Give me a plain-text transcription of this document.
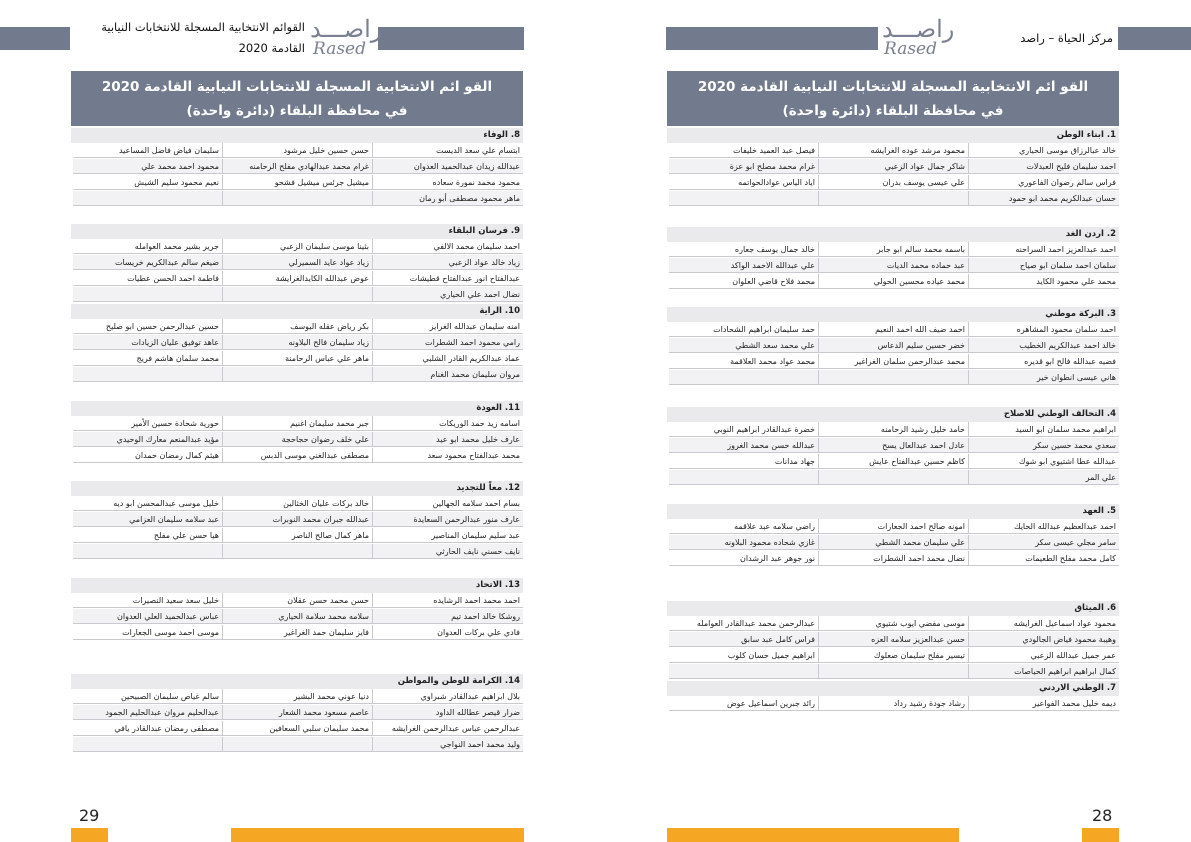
راصـــد
Rased
القوائم الانتخابية المسجلة للانتخابات النيابية
القادمة 2020
راصـــد
Rased
مركز الحياة – راصد
القو ائم الانتخابية المسجلة للانتخابات النيابية القادمة 2020
في محافظة البلقاء (دائرة واحدة)
8. الوفاء
ابتسام علي سعد الديست
حسن حسين خليل مرشود
سليمان فياض فاضل المساعيد
عبدالله زيدان عبدالحميد العدوان
غرام محمد عبدالهادي مفلح الرحامنه
محمود احمد محمد علي
محمود محمد نمورة سعاده
ميشيل جرئس ميشيل فشحو
نعيم محمود سليم الشيش
ماهر محمود مصطفى أبو رمان
9. فرسان البلقاء
احمد سليمان محمد الالفي
بثينا موسى سليمان الزعبي
جرير بشير محمد العوامله
زياد خالد عواد الزعبي
زياد عواد عايد السميرلي
ضيغم سالم عبدالكريم خريسات
عبدالفتاح انور عبدالفتاح قطيشات
عوض عبدالله الكايدالغرايشة
فاطمة احمد الحسن عطيات
نضال احمد علي الحياري
10. الراية
امنه سليمان عبدالله الغرايز
بكر رياض عقله اليوسف
حسين عبدالرحمن حسين ابو صليح
رامي محمود احمد الشطرات
زياد سليمان فالح البلاونه
عاهد توفيق عليان الزيادات
عماد عبدالكريم القادر الشلبي
ماهر علي عباس الرحامنة
محمد سلمان هاشم فريج
مروان سليمان محمد الغنام
11. العودة
اسامه زيد حمد الوريكات
جبر محمد سليمان اغنيم
حورية شحادة حسين الأمير
عارف خليل محمد ابو عيد
علي خلف رضوان حجاحجة
مؤيد عبدالمنعم معارك الوحيدي
محمد عبدالفتاح محمود سعد
مصطفى عبدالغني موسى الدبس
هيثم كمال رمضان حمدان
12. معاً للتجديد
بسام احمد سلامه الجهالين
خالد بركات عليان الخثالين
خليل موسى عبدالمحسن ابو ديه
عارف منور عبدالرحمن السعايدة
عبدالله جبران محمد النوبرات
عبد سلامه سليمان العزامي
عبد سليم سليمان المناصير
ماهر كمال صالح الناصر
هيا حسن علي مفلح
نايف حسني نايف الحارثي
13. الاتحاد
احمد محمد احمد الرشايده
حسن محمد حسن عقلان
خليل سعد سعيد النصيرات
روشكا خالد احمد تيم
سلامه محمد سلامة الحياري
عباس عبدالحميد العلي العدوان
فادي علي بركات العدوان
فايز سليمان حمد الغراغير
موسى احمد موسى الجعارات
14. الكرامة للوطن والمواطن
بلال ابراهيم عبدالقادر شبراوي
دنيا عوني محمد البشير
سالم غياص سليمان الصبيحين
ضرار قيصر عطالله الداود
عاصم مسعود محمد الشعار
عبدالحليم مروان عبدالحليم الجمود
عبدالرحمن عباس عبدالرحمن الغرايشه
محمد سليمان سلبي السعافين
مصطفى رمضان عبدالقادر يافي
وليد محمد احمد النواجي
القو ائم الانتخابية المسجلة للانتخابات النيابية القادمة 2020
في محافظة البلقاء (دائرة واحدة)
1. ابناء الوطن
خالد عبالرزاق موسى الحياري
محمود مرشد عوده الغرايشه
فيصل عبد العميد خليفات
احمد سليمان فليح العبدلات
شاكر جمال عواد الزعبي
غرام محمد مصلح ابو عزة
فراس سالم رضوان الفاعوري
علي عيسى يوسف بدران
اياد الياس عوادالحواتمه
حسان عبدالكريم محمد ابو حمود
2. اردن الغد
احمد عبدالعزيز احمد السراحنه
باسمه محمد سالم ابو جابر
خالد جمال يوسف جعاره
سلمان احمد سلمان ابو صياح
عبد حماده محمد الديات
علي عبدالله الاحمد الواكد
محمد علي محمود الكايد
محمد عياده محسين الحولي
محمد فلاح قاضي العلوان
3. البركة موطني
احمد سلمان محمود المشاهره
احمد ضيف الله احمد النعيم
حمد سليمان ابراهيم الشحادات
خالد احمد عبدالكريم الخطيب
خضر حسين سليم الدعاس
علي محمد سعد الشطي
فضيه عبدالله فالح ابو قديره
محمد عبدالرحمن سلمان الغراغير
محمد عواد محمد العلاقمة
هاني عيسى انطوان خير
4. التحالف الوطني للاصلاح
ابراهيم محمد سلمان ابو السيد
حامد خليل رشيد الرحامنه
خضرة عبدالقادر ابراهيم النوبي
سعدي محمد حسين سكر
عادل احمد عبدالعال يسح
عبدالله حسن محمد الغروز
عبدالله عطا اشتيوي ابو شوك
كاظم حسين عبدالفتاح عايش
جهاد مدانات
علي المر
5. العهد
احمد عبدالعظيم عبدالله الحايك
امونه صالح احمد الجعارات
راضي سلامه عبد علاقمه
سامر مجلي عيسى سكر
علي سليمان محمد الشطي
غازي شحاده محمود البلاونه
كامل محمد مفلح الطعيمات
نضال محمد احمد الشطرات
نور جوهر عبد الرشدان
6. الميثاق
محمود عواد اسماعيل الغرايشه
موسى مفضي ايوب شتيوي
عبدالرحمن محمد عبدالقادر العوامله
وهيبة محمود فياض الجالودي
حسن عبدالعزيز سلامه العزه
فراس كامل عبد سابق
عمر جميل عبدالله الزعبي
تيسير مفلح سليمان صعلوك
ابراهيم جميل حسان كلوب
كمال ابراهيم ابراهيم الحياصات
7. الوطني الاردني
ديمه خليل محمد الفواعير
رشاد جودة رشيد رداد
رائد جبرين اسماعيل عوض
29	28
